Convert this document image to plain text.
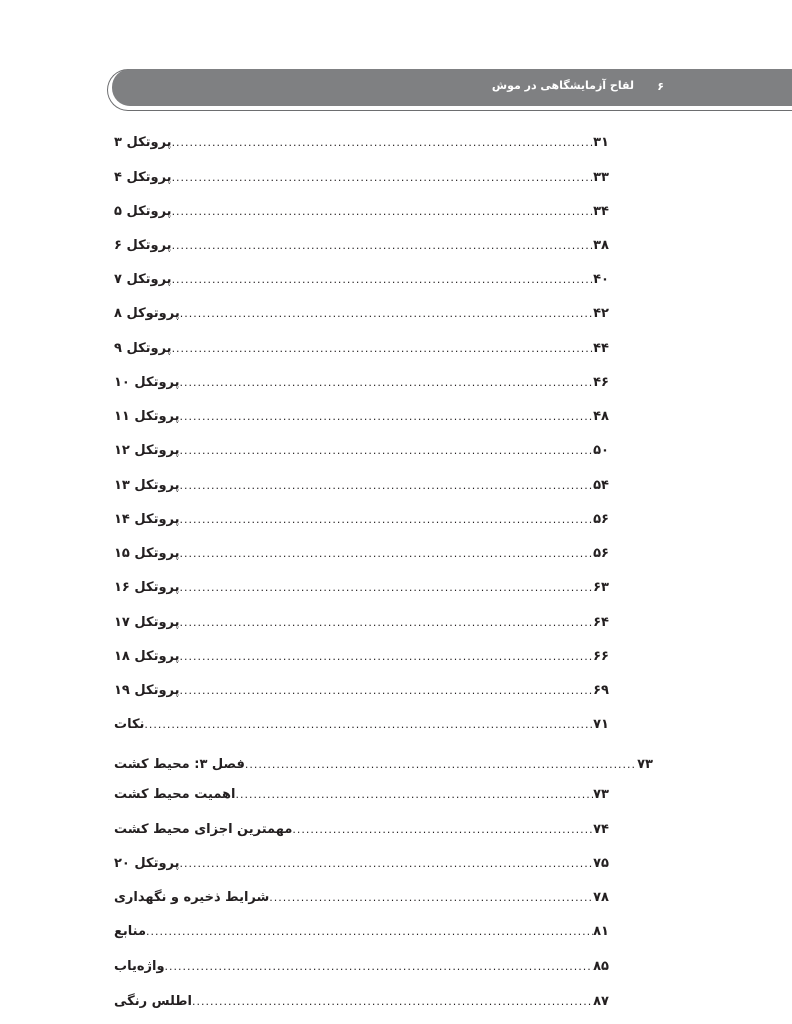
۶
لقاح آزمایشگاهی در موش
پروتکل ۳ .....	۳۱
پروتکل ۴ .....	۳۳
پروتکل ۵ .....	۳۴
پروتکل ۶ .....	۳۸
پروتکل ۷ .....	۴۰
پروتوکل ۸ .....	۴۲
پروتکل ۹ .....	۴۴
پروتکل ۱۰ .....	۴۶
پروتکل ۱۱ .....	۴۸
پروتکل ۱۲ .....	۵۰
پروتکل ۱۳ .....	۵۴
پروتکل ۱۴ .....	۵۶
پروتکل ۱۵ .....	۵۶
پروتکل ۱۶ .....	۶۳
پروتکل ۱۷ .....	۶۴
پروتکل ۱۸ .....	۶۶
پروتکل ۱۹ .....	۶۹
نکات .....	۷۱
فصل ۳: محیط کشت .....	۷۳
اهمیت محیط کشت .....	۷۳
مهمترین اجزای محیط کشت .....	۷۴
پروتکل ۲۰ .....	۷۵
شرایط ذخیره و نگهداری .....	۷۸
منابع .....	۸۱
واژه‌یاب .....	۸۵
اطلس رنگی .....	۸۷
